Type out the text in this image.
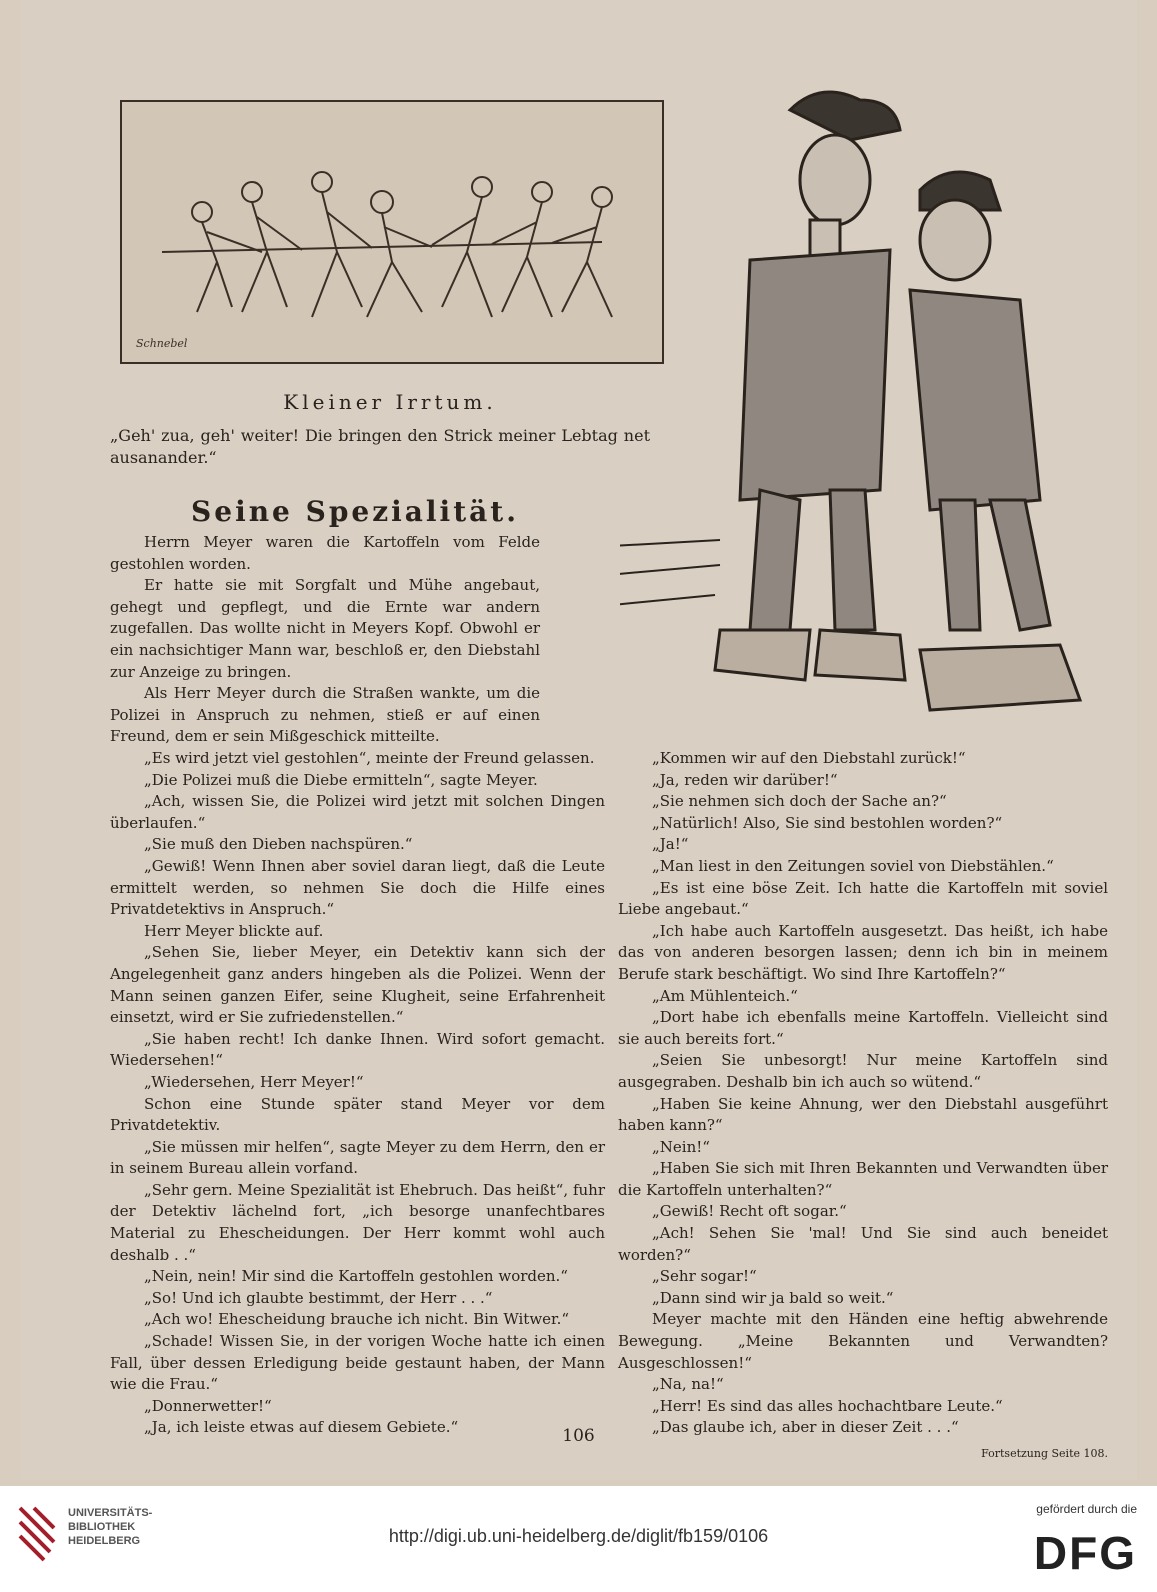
Schnebel
Kleiner Irrtum.
„Geh' zua, geh' weiter! Die bringen den Strick meiner Lebtag net ausanander.“
Seine Spezialität.

Herrn Meyer waren die Kartoffeln vom Felde gestohlen worden.

Er hatte sie mit Sorgfalt und Mühe angebaut, gehegt und gepflegt, und die Ernte war andern zugefallen. Das wollte nicht in Meyers Kopf. Obwohl er ein nachsichtiger Mann war, beschloß er, den Diebstahl zur Anzeige zu bringen.

Als Herr Meyer durch die Straßen wankte, um die Polizei in Anspruch zu nehmen, stieß er auf einen Freund, dem er sein Mißgeschick mitteilte.

„Es wird jetzt viel gestohlen“, meinte der Freund gelassen.

„Die Polizei muß die Diebe ermitteln“, sagte Meyer.

„Ach, wissen Sie, die Polizei wird jetzt mit solchen Dingen überlaufen.“

„Sie muß den Dieben nachspüren.“

„Gewiß! Wenn Ihnen aber soviel daran liegt, daß die Leute ermittelt werden, so nehmen Sie doch die Hilfe eines Privatdetektivs in Anspruch.“

Herr Meyer blickte auf.

„Sehen Sie, lieber Meyer, ein Detektiv kann sich der Angelegenheit ganz anders hingeben als die Polizei. Wenn der Mann seinen ganzen Eifer, seine Klugheit, seine Erfahrenheit einsetzt, wird er Sie zufriedenstellen.“

„Sie haben recht! Ich danke Ihnen. Wird sofort gemacht. Wiedersehen!“

„Wiedersehen, Herr Meyer!“

Schon eine Stunde später stand Meyer vor dem Privatdetektiv.

„Sie müssen mir helfen“, sagte Meyer zu dem Herrn, den er in seinem Bureau allein vorfand.

„Sehr gern. Meine Spezialität ist Ehebruch. Das heißt“, fuhr der Detektiv lächelnd fort, „ich besorge unanfechtbares Material zu Ehescheidungen. Der Herr kommt wohl auch deshalb . .“

„Nein, nein! Mir sind die Kartoffeln gestohlen worden.“

„So! Und ich glaubte bestimmt, der Herr . . .“

„Ach wo! Ehescheidung brauche ich nicht. Bin Witwer.“

„Schade! Wissen Sie, in der vorigen Woche hatte ich einen Fall, über dessen Erledigung beide gestaunt haben, der Mann wie die Frau.“

„Donnerwetter!“

„Ja, ich leiste etwas auf diesem Gebiete.“

„Kommen wir auf den Diebstahl zurück!“

„Ja, reden wir darüber!“

„Sie nehmen sich doch der Sache an?“

„Natürlich! Also, Sie sind bestohlen worden?“

„Ja!“

„Man liest in den Zeitungen soviel von Diebstählen.“

„Es ist eine böse Zeit. Ich hatte die Kartoffeln mit soviel Liebe angebaut.“

„Ich habe auch Kartoffeln ausgesetzt. Das heißt, ich habe das von anderen besorgen lassen; denn ich bin in meinem Berufe stark beschäftigt. Wo sind Ihre Kartoffeln?“

„Am Mühlenteich.“

„Dort habe ich ebenfalls meine Kartoffeln. Vielleicht sind sie auch bereits fort.“

„Seien Sie unbesorgt! Nur meine Kartoffeln sind ausgegraben. Deshalb bin ich auch so wütend.“

„Haben Sie keine Ahnung, wer den Diebstahl ausgeführt haben kann?“

„Nein!“

„Haben Sie sich mit Ihren Bekannten und Verwandten über die Kartoffeln unterhalten?“

„Gewiß! Recht oft sogar.“

„Ach! Sehen Sie 'mal! Und Sie sind auch beneidet worden?“

„Sehr sogar!“

„Dann sind wir ja bald so weit.“

Meyer machte mit den Händen eine heftig abwehrende Bewegung. „Meine Bekannten und Verwandten? Ausgeschlossen!“

„Na, na!“

„Herr! Es sind das alles hochachtbare Leute.“

„Das glaube ich, aber in dieser Zeit . . .“

Fortsetzung Seite 108.
106
UNIVERSITÄTS-
BIBLIOTHEK
HEIDELBERG	http://digi.ub.uni-heidelberg.de/diglit/fb159/0106
gefördert durch die
DFG
